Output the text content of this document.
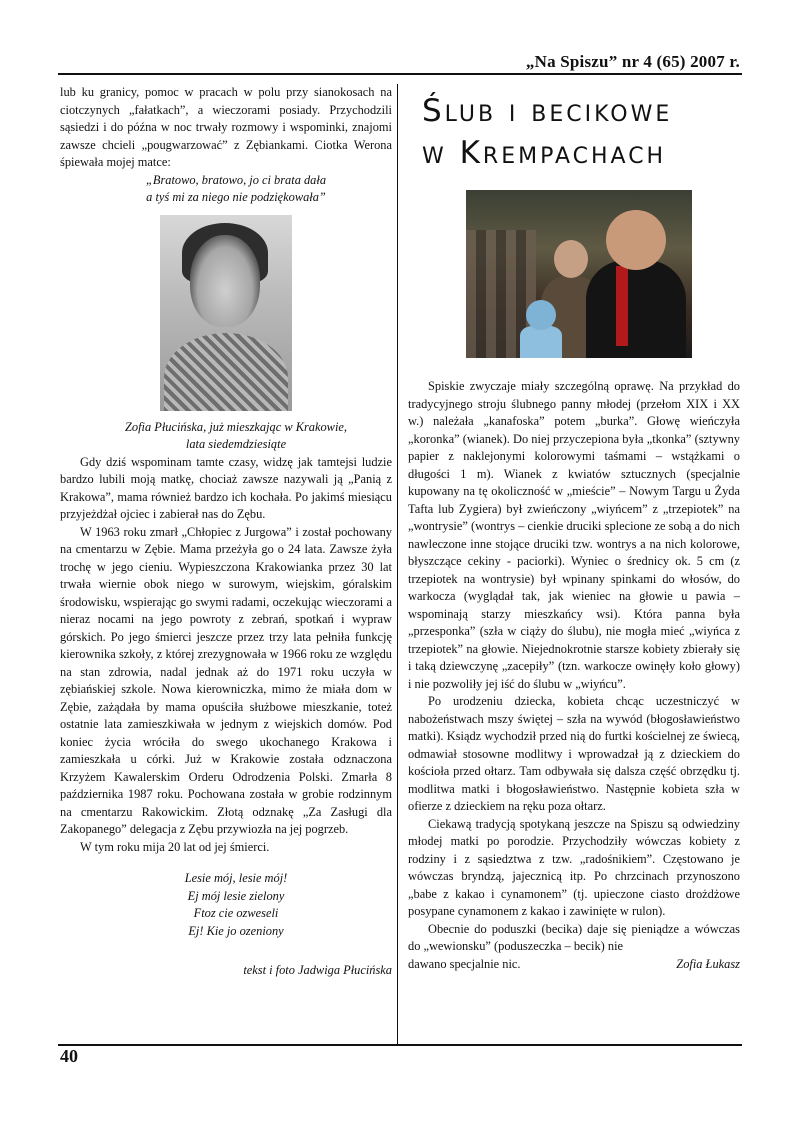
„Na Spiszu” nr 4 (65) 2007 r.

lub ku granicy, pomoc w pracach w polu przy sianokosach na ciotczynych „fałatkach”, a wieczorami posiady. Przychodzili sąsiedzi i do późna w noc trwały rozmowy i wspominki, znajomi zawsze chcieli „pougwarzować” z Zębiankami. Ciotka Werona śpiewała mojej matce:

„Bratowo, bratowo, jo ci brata dała

a tyś mi za niego nie podziękowała”

Zofia Płucińska, już mieszkając w Krakowie,

lata siedemdziesiąte

Gdy dziś wspominam tamte czasy, widzę jak tamtejsi ludzie bardzo lubili moją matkę, chociaż zawsze nazywali ją „Panią z Krakowa”, mama również bardzo ich kochała. Po jakimś miesiącu przyjeżdżał ojciec i zabierał nas do Zębu.

W 1963 roku zmarł „Chłopiec z Jurgowa” i został pochowany na cmentarzu w Zębie. Mama przeżyła go o 24 lata. Zawsze żyła trochę w jego cieniu. Wypieszczona Krakowianka przez 30 lat trwała wiernie obok niego w surowym, wiejskim, góralskim środowisku, wspierając go swymi radami, oczekując wieczorami a nieraz nocami na jego powroty z zebrań, spotkań i wypraw górskich. Po jego śmierci jeszcze przez trzy lata pełniła funkcję kierownika szkoły, z której zrezygnowała w 1966 roku ze względu na stan zdrowia, nadal jednak aż do 1971 roku uczyła w zębiańskiej szkole. Nowa kierowniczka, mimo że miała dom w Zębie, zażądała by mama opuściła służbowe mieszkanie, toteż ostatnie lata zamieszkiwała w jednym z wiejskich domów. Pod koniec życia wróciła do swego ukochanego Krakowa i zamieszkała u córki. Już w Krakowie została odznaczona Krzyżem Kawalerskim Orderu Odrodzenia Polski. Zmarła 8 października 1987 roku. Pochowana została w grobie rodzinnym na cmentarzu Rakowickim. Złotą odznakę „Za Zasługi dla Zakopanego” delegacja z Zębu przywiozła na jej pogrzeb.

W tym roku mija 20 lat od jej śmierci.

Lesie mój, lesie mój!

Ej mój lesie zielony

Ftoz cie ozweseli

Ej! Kie jo ozeniony

tekst i foto Jadwiga Płucińska

Ślub i becikowe
w Krempachach

Spiskie zwyczaje miały szczególną oprawę. Na przykład do tradycyjnego stroju ślubnego panny młodej (przełom XIX i XX w.) należała „kanafoska” potem „burka”. Głowę wieńczyła „koronka” (wianek). Do niej przyczepiona była „tkonka” (sztywny papier z naklejonymi kolorowymi taśmami – wstążkami o długości 1 m). Wianek z kwiatów sztucznych (specjalnie kupowany na tę okoliczność w „mieście” – Nowym Targu u Żyda Tafta lub Zygiera) był zwieńczony „wiyńcem” z „trzepiotek” na „wontrysie” (wontrys – cienkie druciki splecione ze sobą a do nich nawleczone inne stojące druciki tzw. wontrys a na nich kolorowe, błyszczące cekiny - paciorki). Wyniec o średnicy ok. 5 cm (z trzepiotek na wontrysie) był wpinany spinkami do włosów, do warkocza (wyglądał tak, jak wieniec na głowie u pawia – wspominają starzy mieszkańcy wsi). Która panna była „przesponka” (szła w ciąży do ślubu), nie mogła mieć „wiyńca z trzepiotek” na głowie. Niejednokrotnie starsze kobiety zbierały się i taką dziewczynę „zacepiły” (tzn. warkocze owinęły koło głowy) i nie pozwoliły jej iść do ślubu w „wiyńcu”.

Po urodzeniu dziecka, kobieta chcąc uczestniczyć w nabożeństwach mszy świętej – szła na wywód (błogosławieństwo matki). Ksiądz wychodził przed nią do furtki kościelnej ze świecą, odmawiał stosowne modlitwy i wprowadzał ją z dzieckiem do kościoła przed ołtarz. Tam odbywała się dalsza część obrzędku tj. modlitwa matki i błogosławieństwo. Następnie kobieta szła w ofierze z dzieckiem na ręku poza ołtarz.

Ciekawą tradycją spotykaną jeszcze na Spiszu są odwiedziny młodej matki po porodzie. Przychodziły wówczas kobiety z rodziny i z sąsiedztwa z tzw. „radośnikiem”. Częstowano je wówczas bryndzą, jajecznicą itp. Po chrzcinach przynoszono „babe z kakao i cynamonem” (tj. upieczone ciasto drożdżowe posypane cynamonem z kakao i zawinięte w rulon).

Obecnie do poduszki (becika) daje się pieniądze a wówczas do „wewionsku” (poduszeczka – becik) nie

dawano specjalnie nic.	Zofia Łukasz
40
